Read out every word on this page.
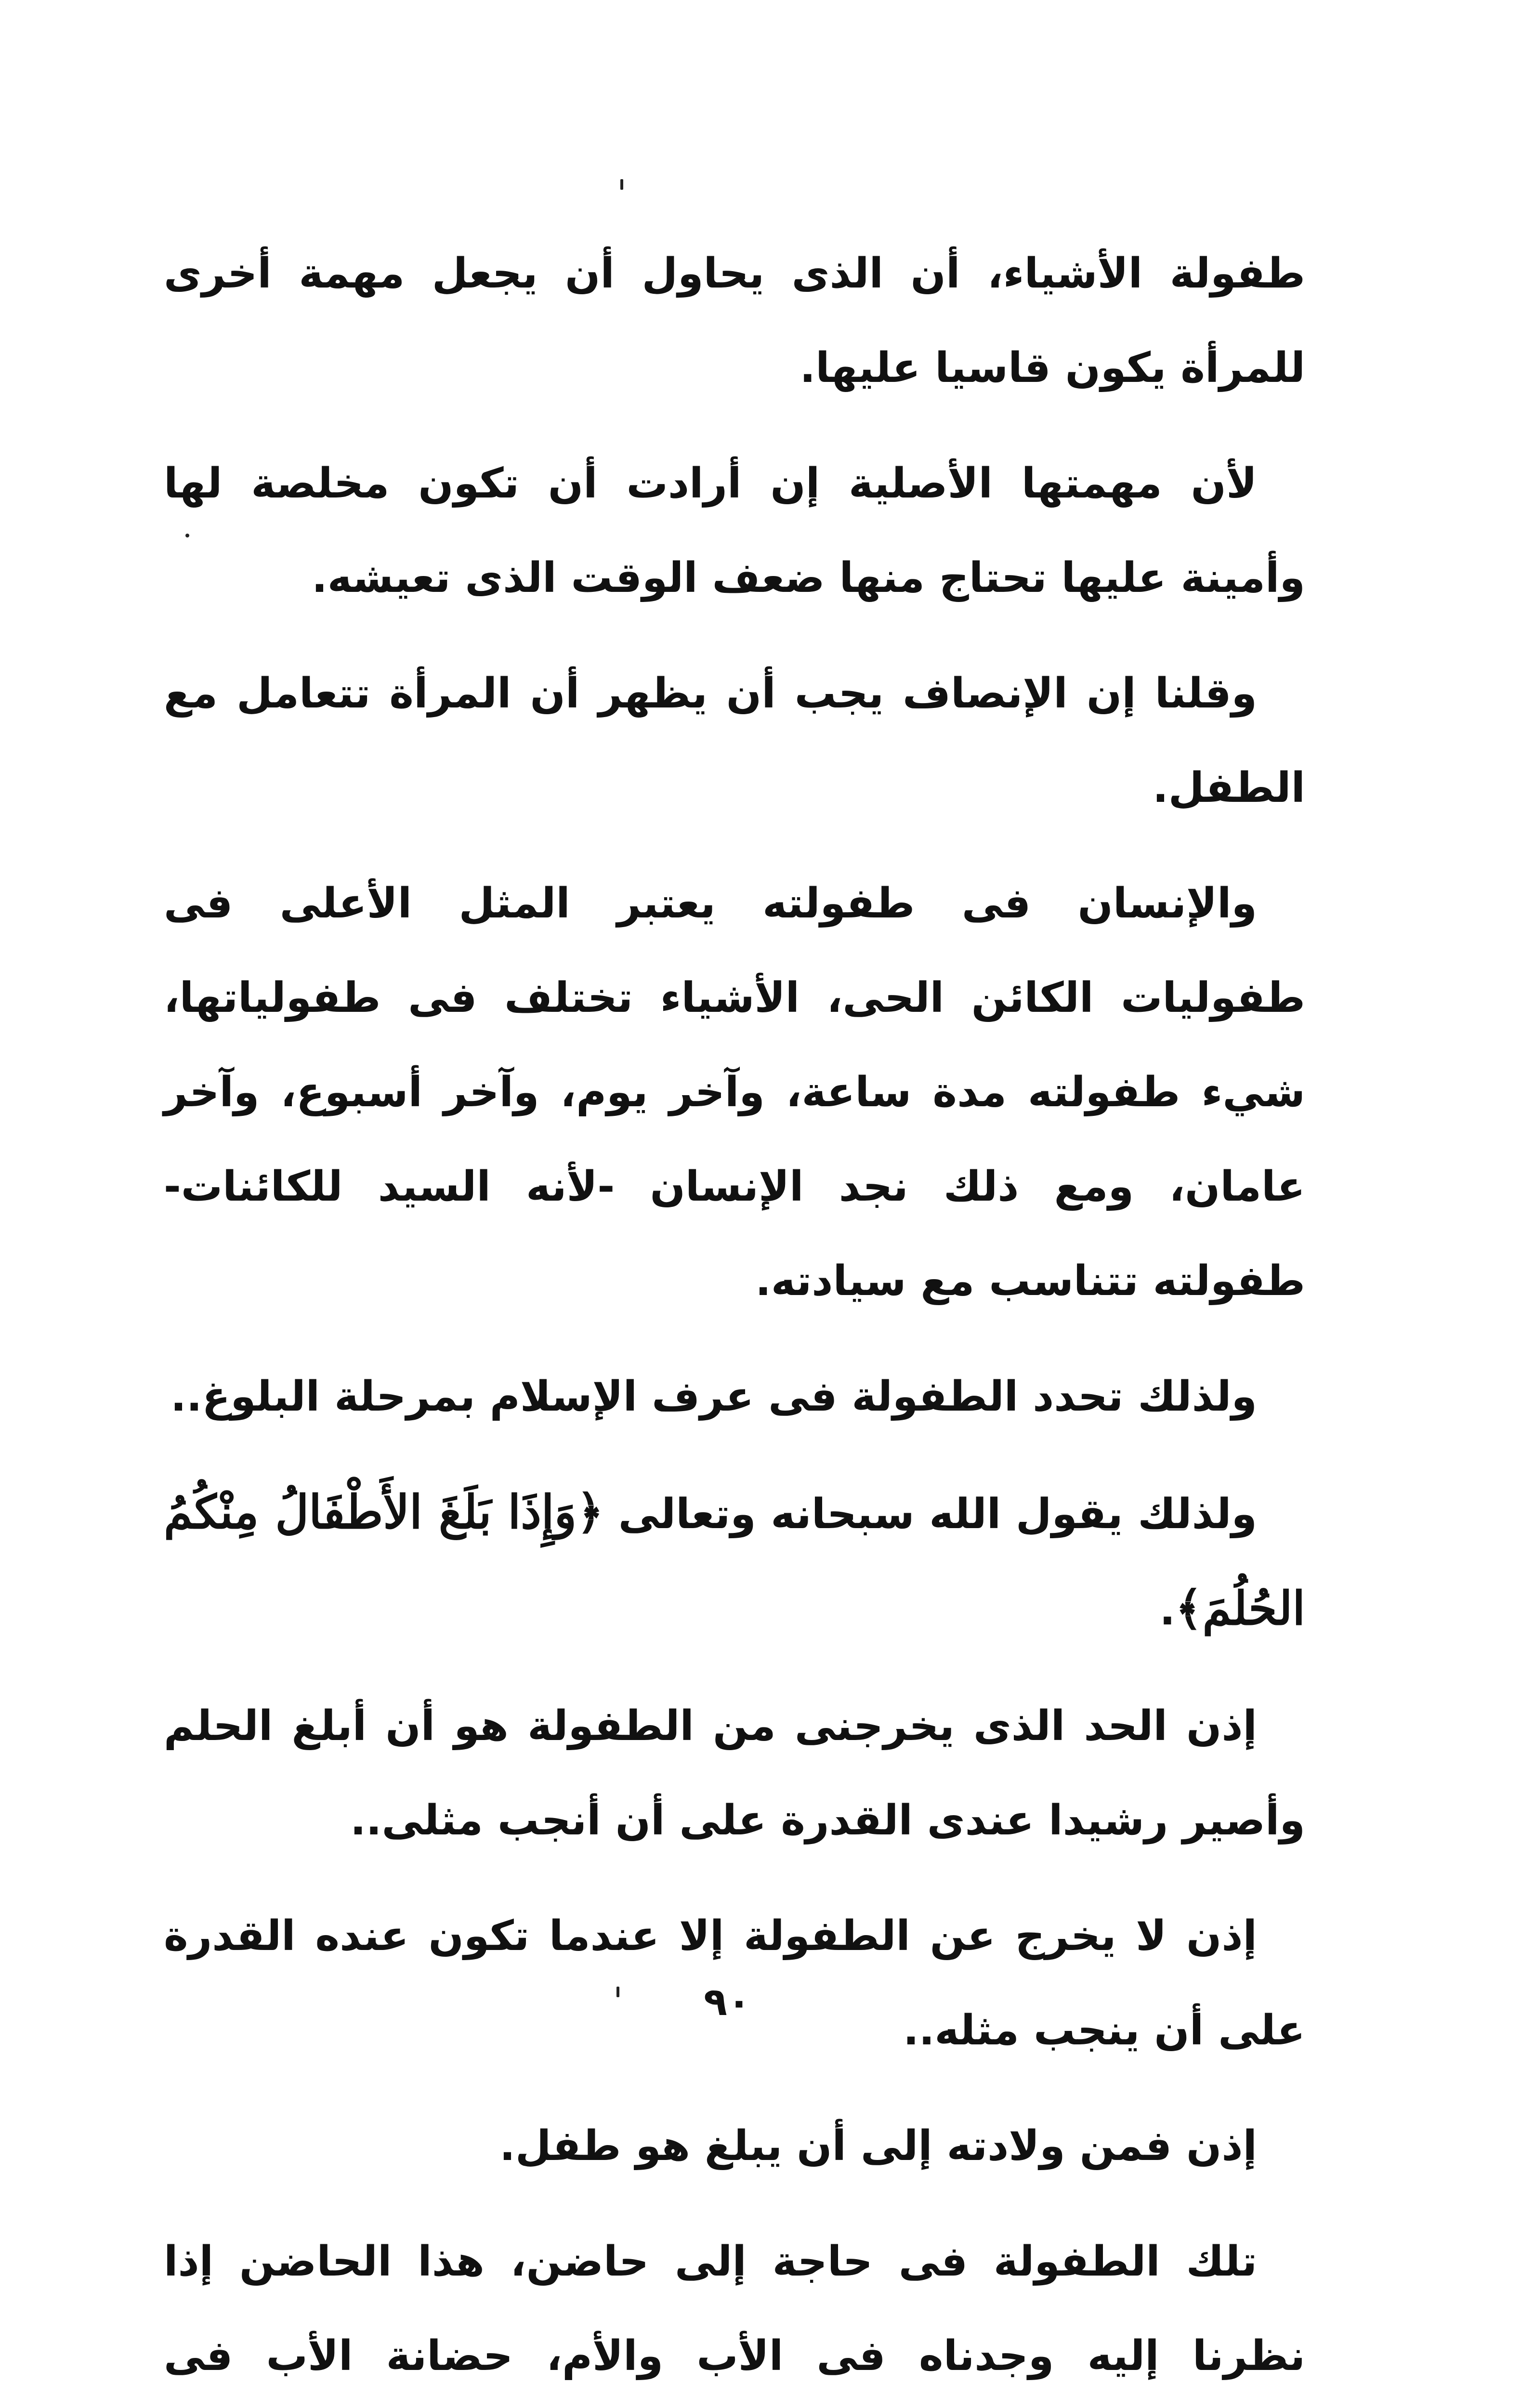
طفولة الأشياء، أن الذى يحاول أن يجعل مهمة أخرى للمرأة يكون قاسيا عليها.

لأن مهمتها الأصلية إن أرادت أن تكون مخلصة لها وأمينة عليها تحتاج منها ضعف الوقت الذى تعيشه.

وقلنا إن الإنصاف يجب أن يظهر أن المرأة تتعامل مع الطفل.

والإنسان فى طفولته يعتبر المثل الأعلى فى طفوليات الكائن الحى، الأشياء تختلف فى طفولياتها، شيء طفولته مدة ساعة، وآخر يوم، وآخر أسبوع، وآخر عامان، ومع ذلك نجد الإنسان -لأنه السيد للكائنات- طفولته تتناسب مع سيادته.

ولذلك تحدد الطفولة فى عرف الإسلام بمرحلة البلوغ..

ولذلك يقول الله سبحانه وتعالى ﴿وَإِذَا بَلَغَ الأَطْفَالُ مِنْكُمُ الحُلُمَ﴾.

إذن الحد الذى يخرجنى من الطفولة هو أن أبلغ الحلم وأصير رشيدا عندى القدرة على أن أنجب مثلى..

إذن لا يخرج عن الطفولة إلا عندما تكون عنده القدرة على أن ينجب مثله..

إذن فمن ولادته إلى أن يبلغ هو طفل.

تلك الطفولة فى حاجة إلى حاضن، هذا الحاضن إذا نظرنا إليه وجدناه فى الأب والأم، حضانة الأب فى

٩٠
